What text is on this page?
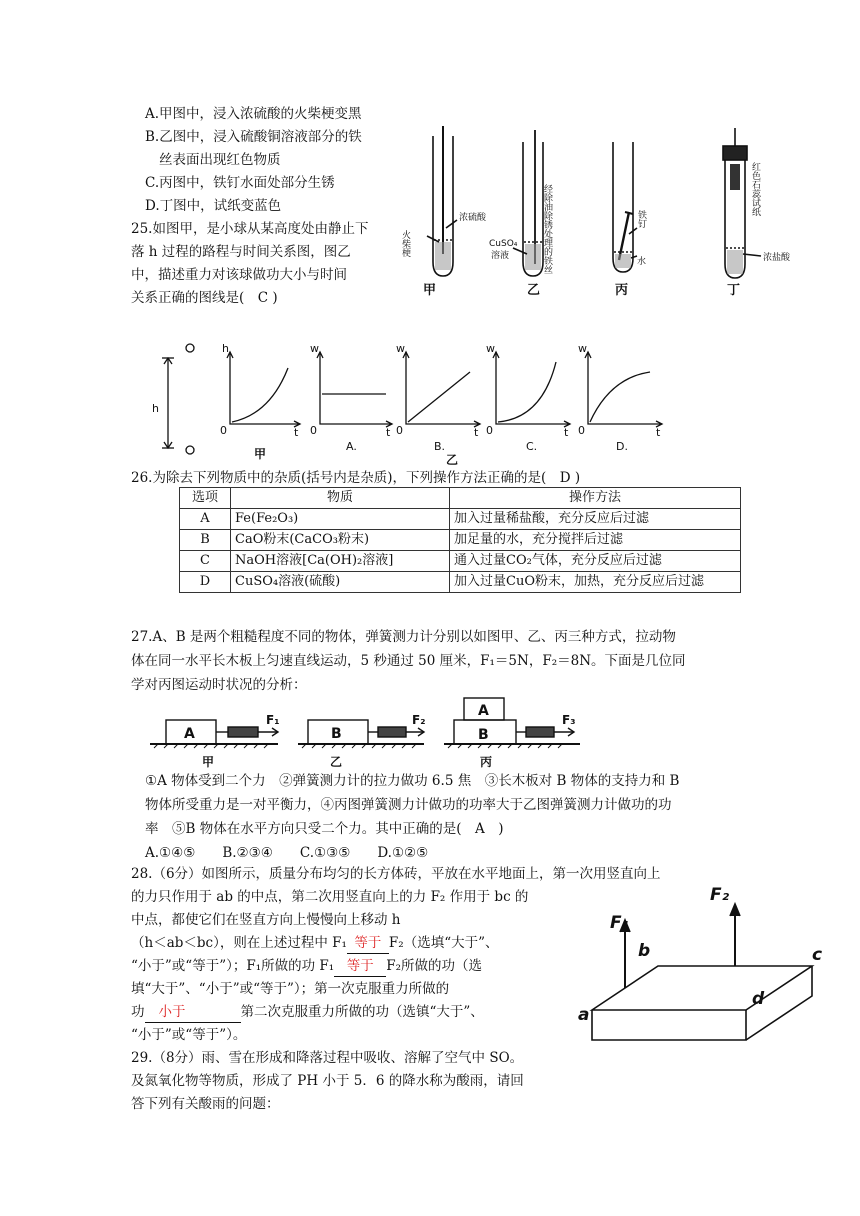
A.甲图中，浸入浓硫酸的火柴梗变黑
B.乙图中，浸入硫酸铜溶液部分的铁
丝表面出现红色物质
C.丙图中，铁钉水面处部分生锈
D.丁图中，试纸变蓝色
浓硫酸
火柴梗	经除油除锈处理的铁丝
CuSO₄
溶液
铁钉
水
红色石蕊试纸
浓盐酸
甲	乙	丙	丁
25.如图甲，是小球从某高度处由静止下
落 h 过程的路程与时间关系图，图乙
中，描述重力对该球做功大小与时间
关系正确的图线是(　C )
h
h
t
0
w
t
0
w
t
0
w
t
0
w
t
0
A.	B.	C.	D.
甲	乙
26.为除去下列物质中的杂质(括号内是杂质)，下列操作方法正确的是(　D )
选项	物质	操作方法
A	Fe(Fe₂O₃)	加入过量稀盐酸，充分反应后过滤
B	CaO粉末(CaCO₃粉末)	加足量的水，充分搅拌后过滤
C	NaOH溶液[Ca(OH)₂溶液]	通入过量CO₂气体，充分反应后过滤
D	CuSO₄溶液(硫酸)	加入过量CuO粉末，加热，充分反应后过滤
27.A、B 是两个粗糙程度不同的物体，弹簧测力计分别以如图甲、乙、丙三种方式，拉动物
体在同一水平长木板上匀速直线运动，5 秒通过 50 厘米，F₁＝5N，F₂＝8N。下面是几位同
学对丙图运动时状况的分析：
A	B	B
A
F₁	F₂	F₃
甲	乙	丙
①A 物体受到二个力　②弹簧测力计的拉力做功 6.5 焦　③长木板对 B 物体的支持力和 B
物体所受重力是一对平衡力，④丙图弹簧测力计做功的功率大于乙图弹簧测力计做功的功
率　⑤B 物体在水平方向只受二个力。其中正确的是(　A　)
A.①④⑤　　B.②③④　　C.①③⑤　　D.①②⑤
28.（6分）如图所示，质量分布均匀的长方体砖，平放在水平地面上，第一次用竖直向上
的力只作用于 ab 的中点，第二次用竖直向上的力 F₂ 作用于 bc 的
中点，都使它们在竖直方向上慢慢向上移动 h
（h＜ab＜bc），则在上述过程中 F₁ 等于 F₂（选填“大于”、
“小于”或“等于”）；F₁所做的功 F₁ 等于 F₂所做的功（选
填“大于”、“小于”或“等于”）；第一次克服重力所做的
功 小于	第二次克服重力所做的功（选镇“大于”、
“小于”或“等于”）。
F₁
F₂
a
b	c
d
29.（8分）雨、雪在形成和降落过程中吸收、溶解了空气中 SO。
及氮氧化物等物质，形成了 PH 小于 5．6 的降水称为酸雨，请回
答下列有关酸雨的问题：
